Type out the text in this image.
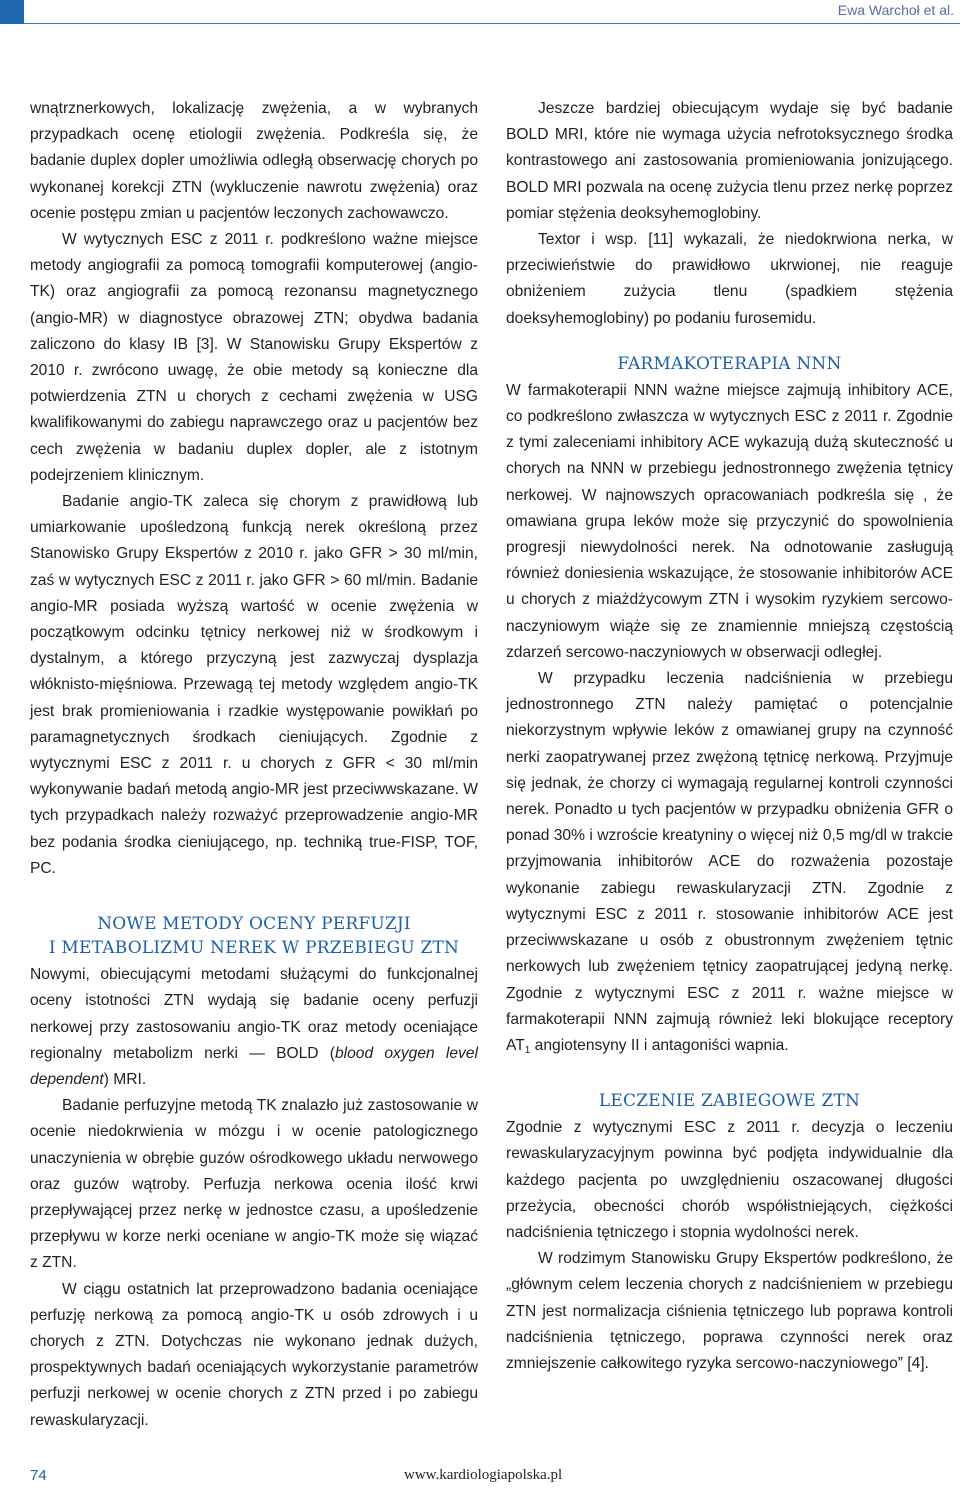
Ewa Warchoł et al.

wnątrznerkowych, lokalizację zwężenia, a w wybranych przypadkach ocenę etiologii zwężenia. Podkreśla się, że badanie duplex dopler umożliwia odległą obserwację chorych po wykonanej korekcji ZTN (wykluczenie nawrotu zwężenia) oraz ocenie postępu zmian u pacjentów leczonych zachowawczo.

W wytycznych ESC z 2011 r. podkreślono ważne miejsce metody angiografii za pomocą tomografii komputerowej (angio-TK) oraz angiografii za pomocą rezonansu magnetycznego (angio-MR) w diagnostyce obrazowej ZTN; obydwa badania zaliczono do klasy IB [3]. W Stanowisku Grupy Ekspertów z 2010 r. zwrócono uwagę, że obie metody są konieczne dla potwierdzenia ZTN u chorych z cechami zwężenia w USG kwalifikowanymi do zabiegu naprawczego oraz u pacjentów bez cech zwężenia w badaniu duplex dopler, ale z istotnym podejrzeniem klinicznym.

Badanie angio-TK zaleca się chorym z prawidłową lub umiarkowanie upośledzoną funkcją nerek określoną przez Stanowisko Grupy Ekspertów z 2010 r. jako GFR > 30 ml/min, zaś w wytycznych ESC z 2011 r. jako GFR > 60 ml/min. Badanie angio-MR posiada wyższą wartość w ocenie zwężenia w początkowym odcinku tętnicy nerkowej niż w środkowym i dystalnym, a którego przyczyną jest zazwyczaj dysplazja włóknisto-mięśniowa. Przewagą tej metody względem angio-TK jest brak promieniowania i rzadkie występowanie powikłań po paramagnetycznych środkach cieniujących. Zgodnie z wytycznymi ESC z 2011 r. u chorych z GFR < 30 ml/min wykonywanie badań metodą angio-MR jest przeciwwskazane. W tych przypadkach należy rozważyć przeprowadzenie angio-MR bez podania środka cieniującego, np. techniką true-FISP, TOF, PC.

NOWE METODY OCENY PERFUZJI
I METABOLIZMU NEREK W PRZEBIEGU ZTN

Nowymi, obiecującymi metodami służącymi do funkcjonalnej oceny istotności ZTN wydają się badanie oceny perfuzji nerkowej przy zastosowaniu angio-TK oraz metody oceniające regionalny metabolizm nerki — BOLD (blood oxygen level dependent) MRI.

Badanie perfuzyjne metodą TK znalazło już zastosowanie w ocenie niedokrwienia w mózgu i w ocenie patologicznego unaczynienia w obrębie guzów ośrodkowego układu nerwowego oraz guzów wątroby. Perfuzja nerkowa ocenia ilość krwi przepływającej przez nerkę w jednostce czasu, a upośledzenie przepływu w korze nerki oceniane w angio-TK może się wiązać z ZTN.

W ciągu ostatnich lat przeprowadzono badania oceniające perfuzję nerkową za pomocą angio-TK u osób zdrowych i u chorych z ZTN. Dotychczas nie wykonano jednak dużych, prospektywnych badań oceniających wykorzystanie parametrów perfuzji nerkowej w ocenie chorych z ZTN przed i po zabiegu rewaskularyzacji.

Jeszcze bardziej obiecującym wydaje się być badanie BOLD MRI, które nie wymaga użycia nefrotoksycznego środka kontrastowego ani zastosowania promieniowania jonizującego. BOLD MRI pozwala na ocenę zużycia tlenu przez nerkę poprzez pomiar stężenia deoksyhemoglobiny.

Textor i wsp. [11] wykazali, że niedokrwiona nerka, w przeciwieństwie do prawidłowo ukrwionej, nie reaguje obniżeniem zużycia tlenu (spadkiem stężenia doeksyhemoglobiny) po podaniu furosemidu.

FARMAKOTERAPIA NNN

W farmakoterapii NNN ważne miejsce zajmują inhibitory ACE, co podkreślono zwłaszcza w wytycznych ESC z 2011 r. Zgodnie z tymi zaleceniami inhibitory ACE wykazują dużą skuteczność u chorych na NNN w przebiegu jednostronnego zwężenia tętnicy nerkowej. W najnowszych opracowaniach podkreśla się , że omawiana grupa leków może się przyczynić do spowolnienia progresji niewydolności nerek. Na odnotowanie zasługują również doniesienia wskazujące, że stosowanie inhibitorów ACE u chorych z miażdżycowym ZTN i wysokim ryzykiem sercowo-naczyniowym wiąże się ze znamiennie mniejszą częstością zdarzeń sercowo-naczyniowych w obserwacji odległej.

W przypadku leczenia nadciśnienia w przebiegu jednostronnego ZTN należy pamiętać o potencjalnie niekorzystnym wpływie leków z omawianej grupy na czynność nerki zaopatrywanej przez zwężoną tętnicę nerkową. Przyjmuje się jednak, że chorzy ci wymagają regularnej kontroli czynności nerek. Ponadto u tych pacjentów w przypadku obniżenia GFR o ponad 30% i wzroście kreatyniny o więcej niż 0,5 mg/dl w trakcie przyjmowania inhibitorów ACE do rozważenia pozostaje wykonanie zabiegu rewaskularyzacji ZTN. Zgodnie z wytycznymi ESC z 2011 r. stosowanie inhibitorów ACE jest przeciwwskazane u osób z obustronnym zwężeniem tętnic nerkowych lub zwężeniem tętnicy zaopatrującej jedyną nerkę. Zgodnie z wytycznymi ESC z 2011 r. ważne miejsce w farmakoterapii NNN zajmują również leki blokujące receptory $AT_1$ angiotensyny II i antagoniści wapnia.

LECZENIE ZABIEGOWE ZTN

Zgodnie z wytycznymi ESC z 2011 r. decyzja o leczeniu rewaskularyzacyjnym powinna być podjęta indywidualnie dla każdego pacjenta po uwzględnieniu oszacowanej długości przeżycia, obecności chorób współistniejących, ciężkości nadciśnienia tętniczego i stopnia wydolności nerek.

W rodzimym Stanowisku Grupy Ekspertów podkreślono, że „głównym celem leczenia chorych z nadciśnieniem w przebiegu ZTN jest normalizacja ciśnienia tętniczego lub poprawa kontroli nadciśnienia tętniczego, poprawa czynności nerek oraz zmniejszenie całkowitego ryzyka sercowo-naczyniowego” [4].

74	www.kardiologiapolska.pl
